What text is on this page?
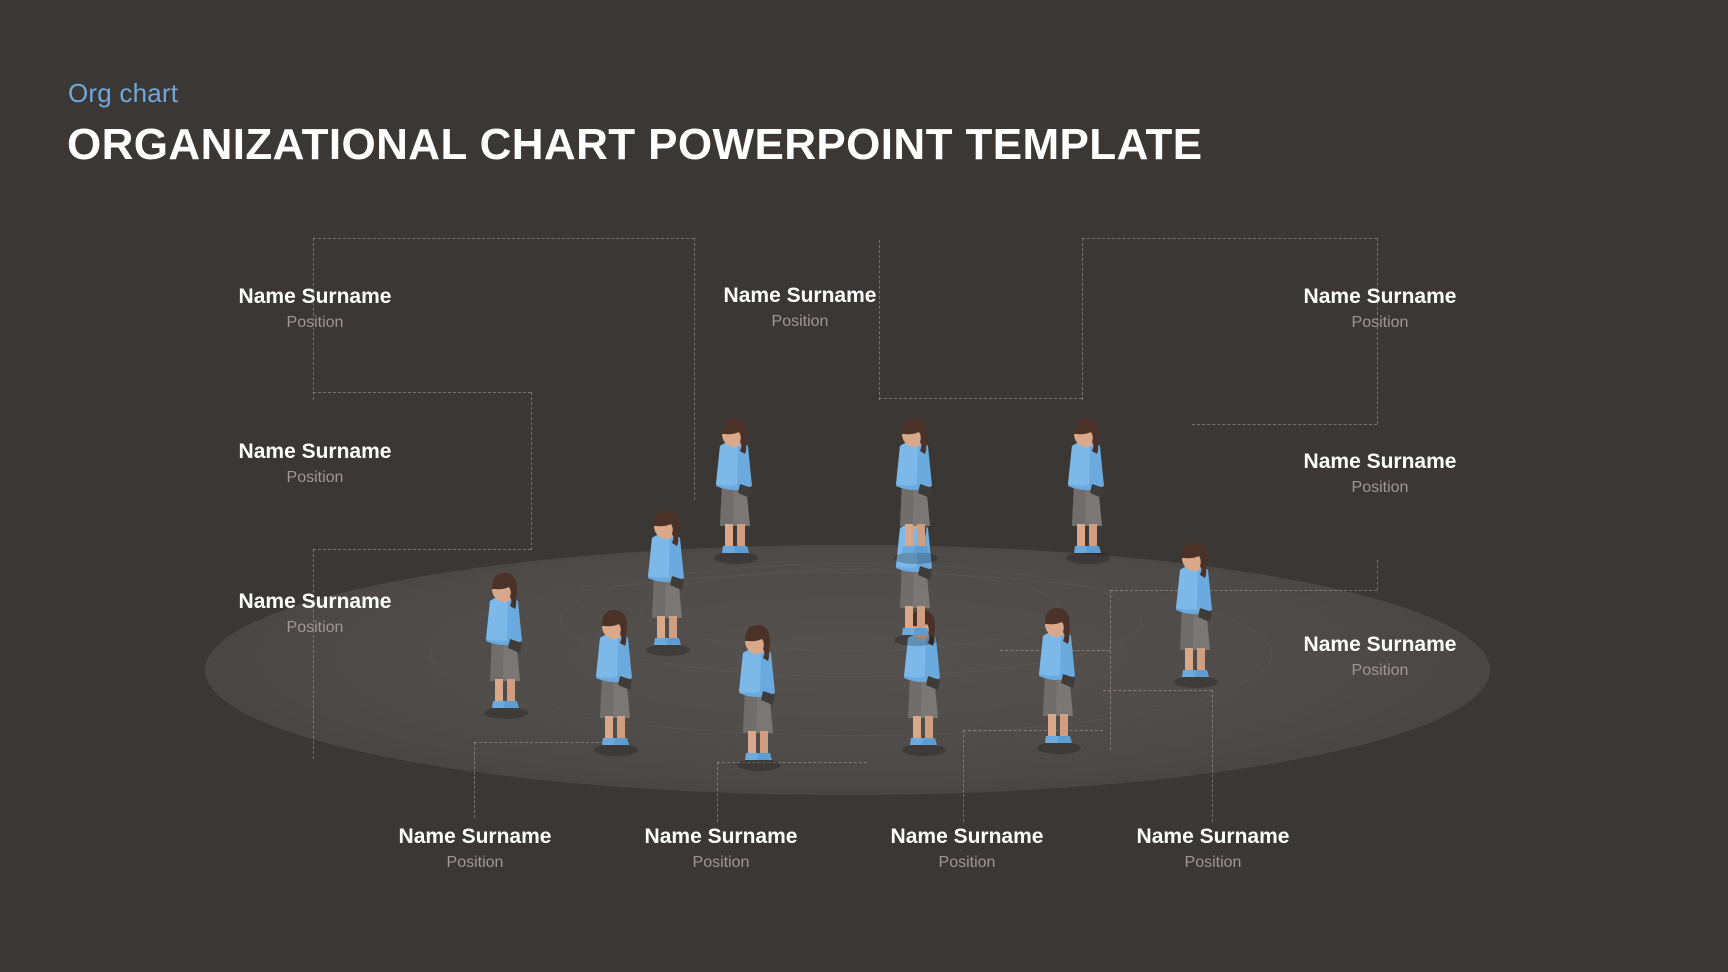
Org chart
ORGANIZATIONAL CHART POWERPOINT TEMPLATE
Name Surname
Position
Name Surname
Position
Name Surname
Position
Name Surname
Position
Name Surname
Position
Name Surname
Position
Name Surname
Position
Name Surname
Position
Name Surname
Position
Name Surname
Position
Name Surname
Position
